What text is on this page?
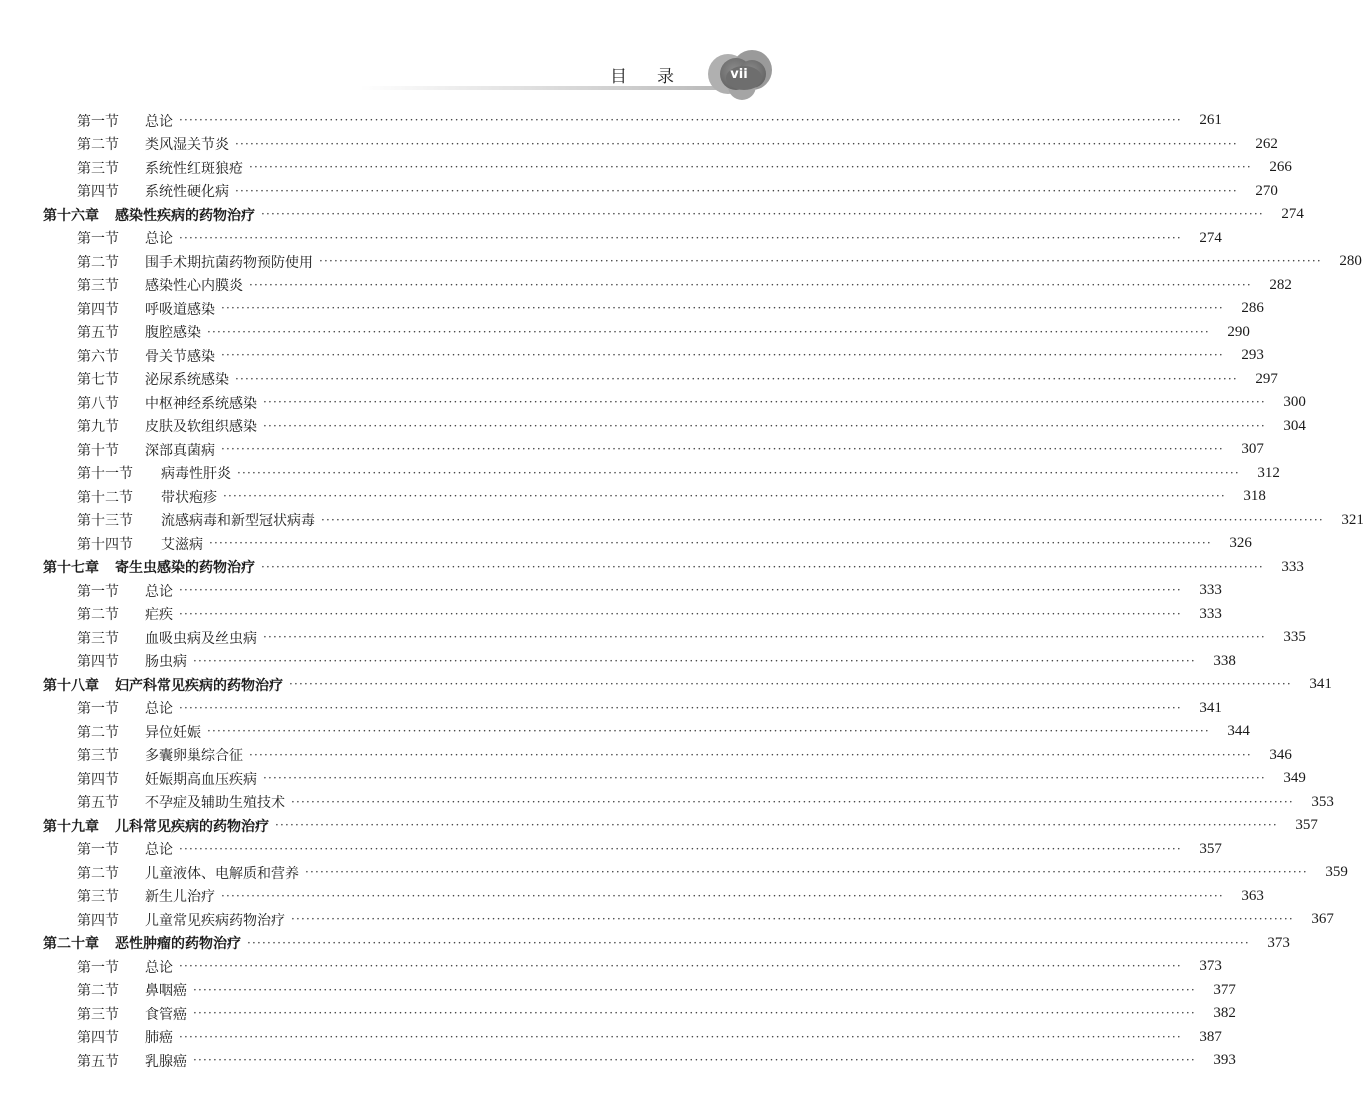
目 录	vii
第一节 总论 ········································································································································································································	261
第二节 类风湿关节炎 ········································································································································································································	262
第三节 系统性红斑狼疮 ········································································································································································································	266
第四节 系统性硬化病 ········································································································································································································	270
第十六章 感染性疾病的药物治疗 ········································································································································································································	274
第一节 总论 ········································································································································································································	274
第二节 围手术期抗菌药物预防使用 ········································································································································································································	280
第三节 感染性心内膜炎 ········································································································································································································	282
第四节 呼吸道感染 ········································································································································································································	286
第五节 腹腔感染 ········································································································································································································	290
第六节 骨关节感染 ········································································································································································································	293
第七节 泌尿系统感染 ········································································································································································································	297
第八节 中枢神经系统感染 ········································································································································································································	300
第九节 皮肤及软组织感染 ········································································································································································································	304
第十节 深部真菌病 ········································································································································································································	307
第十一节 病毒性肝炎 ········································································································································································································	312
第十二节 带状疱疹 ········································································································································································································	318
第十三节 流感病毒和新型冠状病毒 ········································································································································································································	321
第十四节 艾滋病 ········································································································································································································	326
第十七章 寄生虫感染的药物治疗 ········································································································································································································	333
第一节 总论 ········································································································································································································	333
第二节 疟疾 ········································································································································································································	333
第三节 血吸虫病及丝虫病 ········································································································································································································	335
第四节 肠虫病 ········································································································································································································	338
第十八章 妇产科常见疾病的药物治疗 ········································································································································································································	341
第一节 总论 ········································································································································································································	341
第二节 异位妊娠 ········································································································································································································	344
第三节 多囊卵巢综合征 ········································································································································································································	346
第四节 妊娠期高血压疾病 ········································································································································································································	349
第五节 不孕症及辅助生殖技术 ········································································································································································································	353
第十九章 儿科常见疾病的药物治疗 ········································································································································································································	357
第一节 总论 ········································································································································································································	357
第二节 儿童液体、电解质和营养 ········································································································································································································	359
第三节 新生儿治疗 ········································································································································································································	363
第四节 儿童常见疾病药物治疗 ········································································································································································································	367
第二十章 恶性肿瘤的药物治疗 ········································································································································································································	373
第一节 总论 ········································································································································································································	373
第二节 鼻咽癌 ········································································································································································································	377
第三节 食管癌 ········································································································································································································	382
第四节 肺癌 ········································································································································································································	387
第五节 乳腺癌 ········································································································································································································	393
